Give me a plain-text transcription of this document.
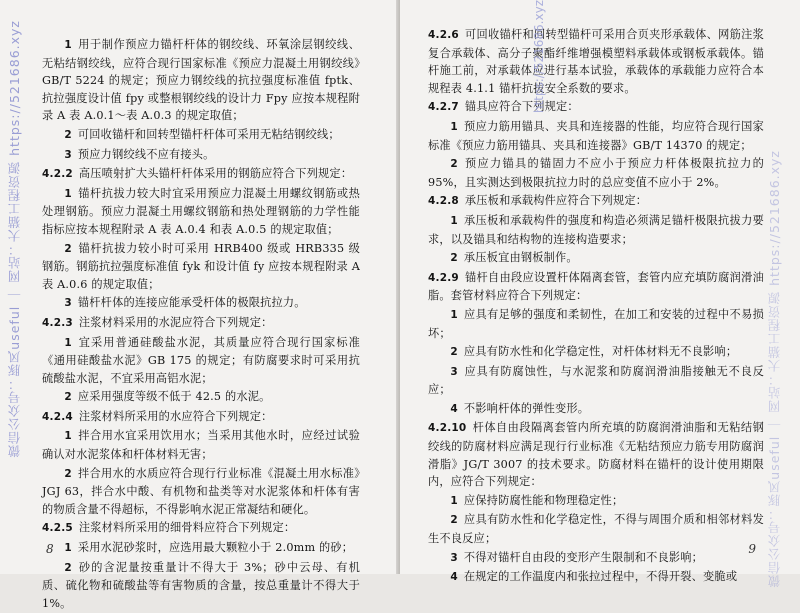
微信公众号：豚风useful ｜ 网站：大猫工程资源 https://521686.xyz	1 用于制作预应力锚杆杆体的钢绞线、环氧涂层钢绞线、无粘结钢绞线，应符合现行国家标准《预应力混凝土用钢绞线》GB/T 5224 的规定；预应力钢绞线的抗拉强度标准值 fptk、抗拉强度设计值 fpy 或整根钢绞线的设计力 Fpy 应按本规程附录 A 表 A.0.1～表 A.0.3 的规定取值；

2 可回收锚杆和回转型锚杆杆体可采用无粘结钢绞线；

3 预应力钢绞线不应有接头。

4.2.2 高压喷射扩大头锚杆杆体采用的钢筋应符合下列规定：

1 锚杆抗拔力较大时宜采用预应力混凝土用螺纹钢筋或热处理钢筋。预应力混凝土用螺纹钢筋和热处理钢筋的力学性能指标应按本规程附录 A 表 A.0.4 和表 A.0.5 的规定取值；

2 锚杆抗拔力较小时可采用 HRB400 级或 HRB335 级钢筋。钢筋抗拉强度标准值 fyk 和设计值 fy 应按本规程附录 A 表 A.0.6 的规定取值；

3 锚杆杆体的连接应能承受杆体的极限抗拉力。

4.2.3 注浆材料采用的水泥应符合下列规定：

1 宜采用普通硅酸盐水泥，其质量应符合现行国家标准《通用硅酸盐水泥》GB 175 的规定；有防腐要求时可采用抗硫酸盐水泥，不宜采用高铝水泥；

2 应采用强度等级不低于 42.5 的水泥。

4.2.4 注浆材料所采用的水应符合下列规定：

1 拌合用水宜采用饮用水；当采用其他水时，应经过试验确认对水泥浆体和杆体材料无害；

2 拌合用水的水质应符合现行行业标准《混凝土用水标准》JGJ 63，拌合水中酸、有机物和盐类等对水泥浆体和杆体有害的物质含量不得超标，不得影响水泥正常凝结和硬化。

4.2.5 注浆材料所采用的细骨料应符合下列规定：

1 采用水泥砂浆时，应选用最大颗粒小于 2.0mm 的砂；

2 砂的含泥量按重量计不得大于 3%；砂中云母、有机质、硫化物和硫酸盐等有害物质的含量，按总重量计不得大于 1%。

8	微信公众号：豚风useful ｜ 网站：大猫工程资源 https://521686.xyz

4.2.6 可回收锚杆和回转型锚杆可采用合页夹形承载体、网筋注浆复合承载体、高分子聚酯纤维增强模塑料承载体或钢板承载体。锚杆施工前，对承载体应进行基本试验，承载体的承载能力应符合本规程表 4.1.1 锚杆抗拔安全系数的要求。

4.2.7 锚具应符合下列规定：

1 预应力筋用锚具、夹具和连接器的性能，均应符合现行国家标准《预应力筋用锚具、夹具和连接器》GB/T 14370 的规定；

2 预应力锚具的锚固力不应小于预应力杆体极限抗拉力的 95%，且实测达到极限抗拉力时的总应变值不应小于 2%。

4.2.8 承压板和承载构件应符合下列规定：

1 承压板和承载构件的强度和构造必须满足锚杆极限抗拔力要求，以及锚具和结构物的连接构造要求；

2 承压板宜由钢板制作。

4.2.9 锚杆自由段应设置杆体隔离套管，套管内应充填防腐润滑油脂。套管材料应符合下列规定：

1 应具有足够的强度和柔韧性，在加工和安装的过程中不易损坏；

2 应具有防水性和化学稳定性，对杆体材料无不良影响；

3 应具有防腐蚀性，与水泥浆和防腐润滑油脂接触无不良反应；

4 不影响杆体的弹性变形。

4.2.10 杆体自由段隔离套管内所充填的防腐润滑油脂和无粘结钢绞线的防腐材料应满足现行行业标准《无粘结预应力筋专用防腐润滑脂》JG/T 3007 的技术要求。防腐材料在锚杆的设计使用期限内，应符合下列规定：

1 应保持防腐性能和物理稳定性；

2 应具有防水性和化学稳定性，不得与周围介质和相邻材料发生不良反应；

3 不得对锚杆自由段的变形产生限制和不良影响；

4 在规定的工作温度内和张拉过程中，不得开裂、变脆或

9
https://521686.xyz
